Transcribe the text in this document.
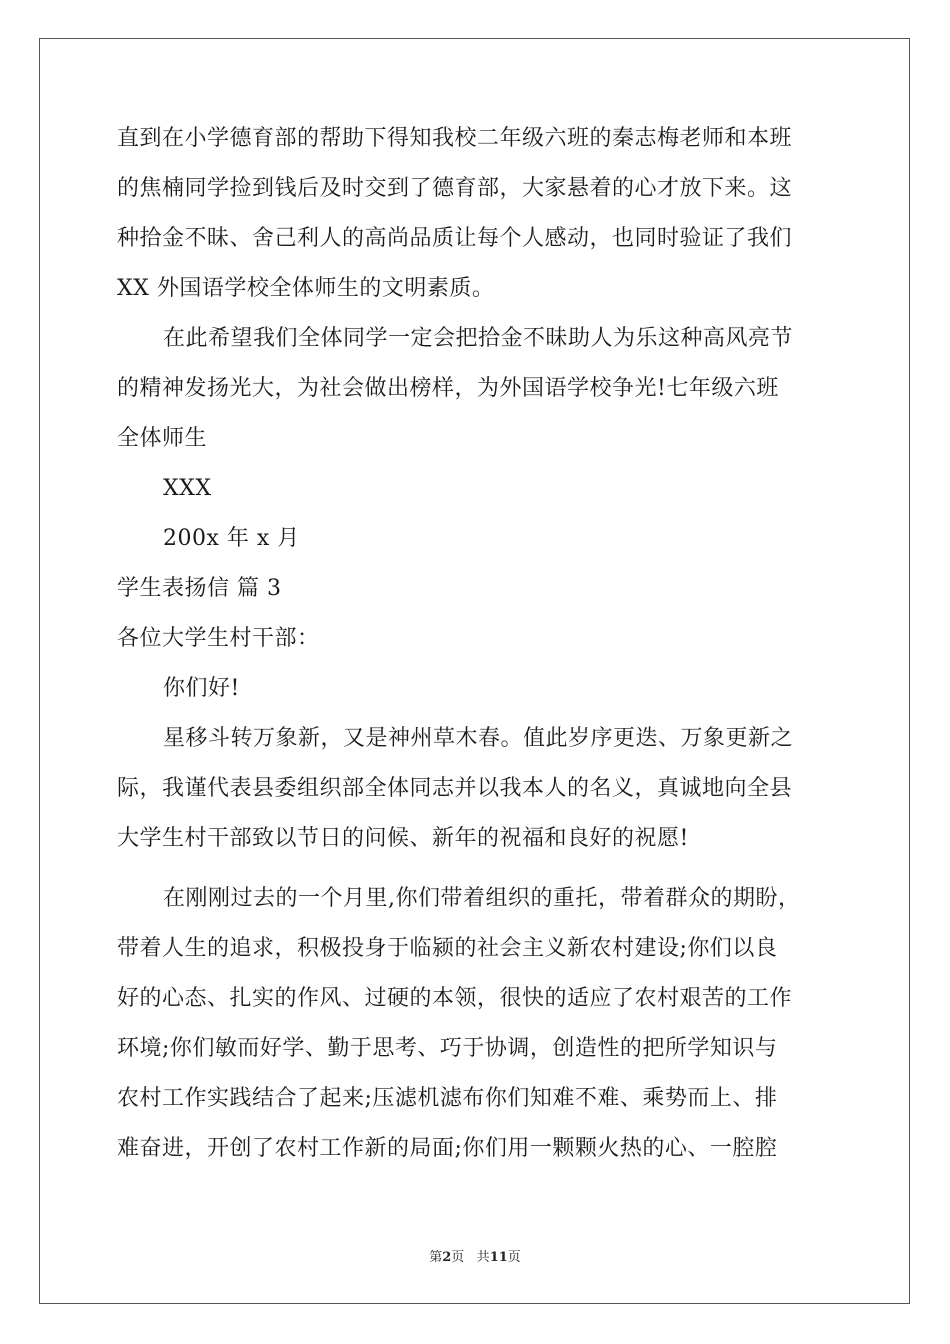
直到在小学德育部的帮助下得知我校二年级六班的秦志梅老师和本班
的焦楠同学捡到钱后及时交到了德育部，大家悬着的心才放下来。这
种拾金不昧、舍己利人的高尚品质让每个人感动，也同时验证了我们
XX 外国语学校全体师生的文明素质。
在此希望我们全体同学一定会把拾金不昧助人为乐这种高风亮节
的精神发扬光大，为社会做出榜样，为外国语学校争光!七年级六班
全体师生
XXX
200x 年 x 月
学生表扬信 篇 3
各位大学生村干部：
你们好!
星移斗转万象新，又是神州草木春。值此岁序更迭、万象更新之
际，我谨代表县委组织部全体同志并以我本人的名义，真诚地向全县
大学生村干部致以节日的问候、新年的祝福和良好的祝愿!
在刚刚过去的一个月里,你们带着组织的重托，带着群众的期盼，
带着人生的追求，积极投身于临颍的社会主义新农村建设;你们以良
好的心态、扎实的作风、过硬的本领，很快的适应了农村艰苦的工作
环境;你们敏而好学、勤于思考、巧于协调，创造性的把所学知识与
农村工作实践结合了起来;压滤机滤布你们知难不难、乘势而上、排
难奋进，开创了农村工作新的局面;你们用一颗颗火热的心、一腔腔
第2页 共11页
